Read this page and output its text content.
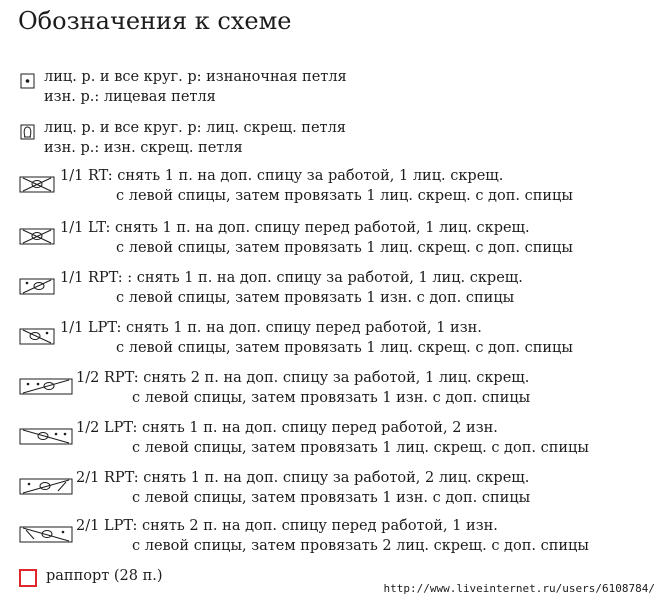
Обозначения к схеме
лиц. р. и все круг. р: изнаночная петля
изн. р.: лицевая петля
лиц. р. и все круг. р: лиц. скрещ. петля
изн. р.: изн. скрещ. петля
1/1 RT: снять 1 п. на доп. спицу за работой, 1 лиц. скрещ.
с левой спицы, затем провязать 1 лиц. скрещ. с доп. спицы
1/1 LT: снять 1 п. на доп. спицу перед работой, 1 лиц. скрещ.
с левой спицы, затем провязать 1 лиц. скрещ. с доп. спицы
1/1 RPT: : снять 1 п. на доп. спицу за работой, 1 лиц. скрещ.
с левой спицы, затем провязать 1 изн. с доп. спицы
1/1 LPT: снять 1 п. на доп. спицу перед работой, 1 изн.
с левой спицы, затем провязать 1 лиц. скрещ. с доп. спицы
1/2 RPT: снять 2 п. на доп. спицу за работой, 1 лиц. скрещ.
с левой спицы, затем провязать 1 изн. с доп. спицы
1/2 LPT: снять 1 п. на доп. спицу перед работой, 2 изн.
с левой спицы, затем провязать 1 лиц. скрещ. с доп. спицы
2/1 RPT: снять 1 п. на доп. спицу за работой, 2 лиц. скрещ.
с левой спицы, затем провязать 1 изн. с доп. спицы
2/1 LPT: снять 2 п. на доп. спицу перед работой, 1 изн.
с левой спицы, затем провязать 2 лиц. скрещ. с доп. спицы
раппорт (28 п.)
http://www.liveinternet.ru/users/6108784/
